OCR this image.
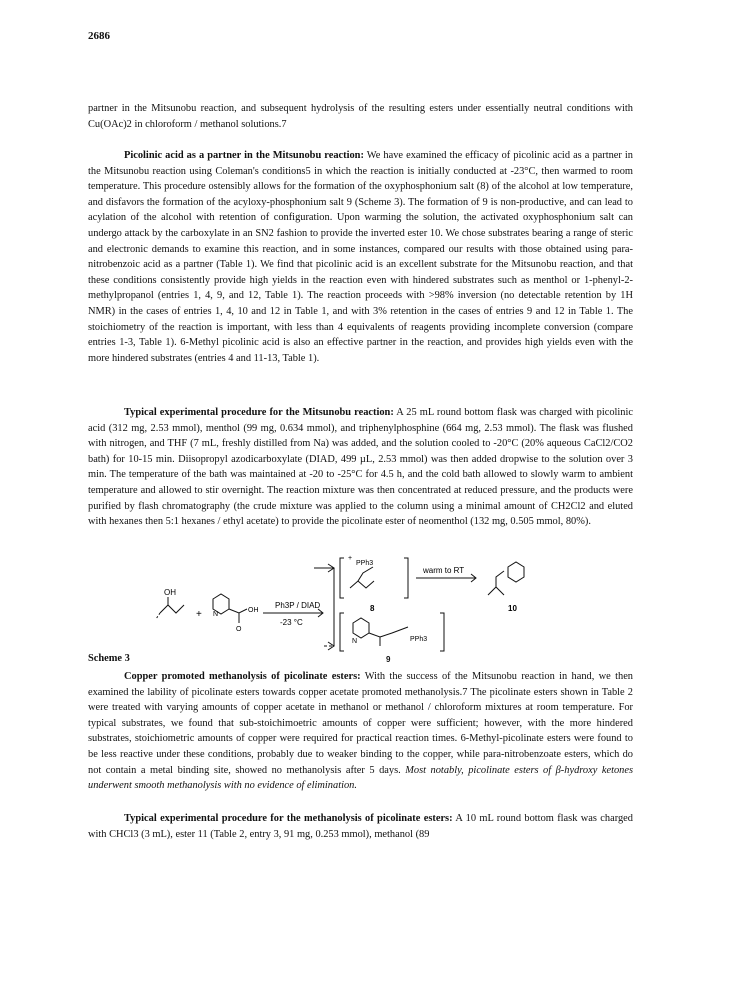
2686

partner in the Mitsunobu reaction, and subsequent hydrolysis of the resulting esters under essentially neutral conditions with Cu(OAc)2 in chloroform / methanol solutions.7

Picolinic acid as a partner in the Mitsunobu reaction: We have examined the efficacy of picolinic acid as a partner in the Mitsunobu reaction using Coleman's conditions5 in which the reaction is initially conducted at -23°C, then warmed to room temperature. This procedure ostensibly allows for the formation of the oxyphosphonium salt (8) of the alcohol at low temperature, and disfavors the formation of the acyloxy-phosphonium salt 9 (Scheme 3). The formation of 9 is non-productive, and can lead to acylation of the alcohol with retention of configuration. Upon warming the solution, the activated oxyphosphonium salt can undergo attack by the carboxylate in an SN2 fashion to provide the inverted ester 10. We chose substrates bearing a range of steric and electronic demands to examine this reaction, and in some instances, compared our results with those obtained using para-nitrobenzoic acid as a partner (Table 1). We find that picolinic acid is an excellent substrate for the Mitsunobu reaction, and that these conditions consistently provide high yields in the reaction even with hindered substrates such as menthol or 1-phenyl-2-methylpropanol (entries 1, 4, 9, and 12, Table 1). The reaction proceeds with >98% inversion (no detectable retention by 1H NMR) in the cases of entries 1, 4, 10 and 12 in Table 1, and with 3% retention in the cases of entries 9 and 12 in Table 1. The stoichiometry of the reaction is important, with less than 4 equivalents of reagents providing incomplete conversion (compare entries 1-3, Table 1). 6-Methyl picolinic acid is also an effective partner in the reaction, and provides high yields even with the more hindered substrates (entries 4 and 11-13, Table 1).

Typical experimental procedure for the Mitsunobu reaction: A 25 mL round bottom flask was charged with picolinic acid (312 mg, 2.53 mmol), menthol (99 mg, 0.634 mmol), and triphenylphosphine (664 mg, 2.53 mmol). The flask was flushed with nitrogen, and THF (7 mL, freshly distilled from Na) was added, and the solution cooled to -20°C (20% aqueous CaCl2/CO2 bath) for 10-15 min. Diisopropyl azodicarboxylate (DIAD, 499 µL, 2.53 mmol) was then added dropwise to the solution over 3 min. The temperature of the bath was maintained at -20 to -25°C for 4.5 h, and the cold bath allowed to slowly warm to ambient temperature and allowed to stir overnight. The reaction mixture was then concentrated at reduced pressure, and the products were purified by flash chromatography (the crude mixture was applied to the column using a minimal amount of CH2Cl2 and eluted with hexanes then 5:1 hexanes / ethyl acetate) to provide the picolinate ester of neomenthol (132 mg, 0.505 mmol, 80%).

OH
+ N
OH
O
Ph3P / DIAD
-23 °C
PPh3
+
8
warm to RT
10
N	PPh3
Scheme 3	9

Copper promoted methanolysis of picolinate esters: With the success of the Mitsunobu reaction in hand, we then examined the lability of picolinate esters towards copper acetate promoted methanolysis.7 The picolinate esters shown in Table 2 were treated with varying amounts of copper acetate in methanol or methanol / chloroform mixtures at room temperature. For typical substrates, we found that sub-stoichimoetric amounts of copper were sufficient; however, with the more hindered substrates, stoichiometric amounts of copper were required for practical reaction times. 6-Methyl-picolinate esters were found to be less reactive under these conditions, probably due to weaker binding to the copper, while para-nitrobenzoate esters, which do not contain a metal binding site, showed no methanolysis after 5 days. Most notably, picolinate esters of β-hydroxy ketones underwent smooth methanolysis with no evidence of elimination.

Typical experimental procedure for the methanolysis of picolinate esters: A 10 mL round bottom flask was charged with CHCl3 (3 mL), ester 11 (Table 2, entry 3, 91 mg, 0.253 mmol), methanol (89
